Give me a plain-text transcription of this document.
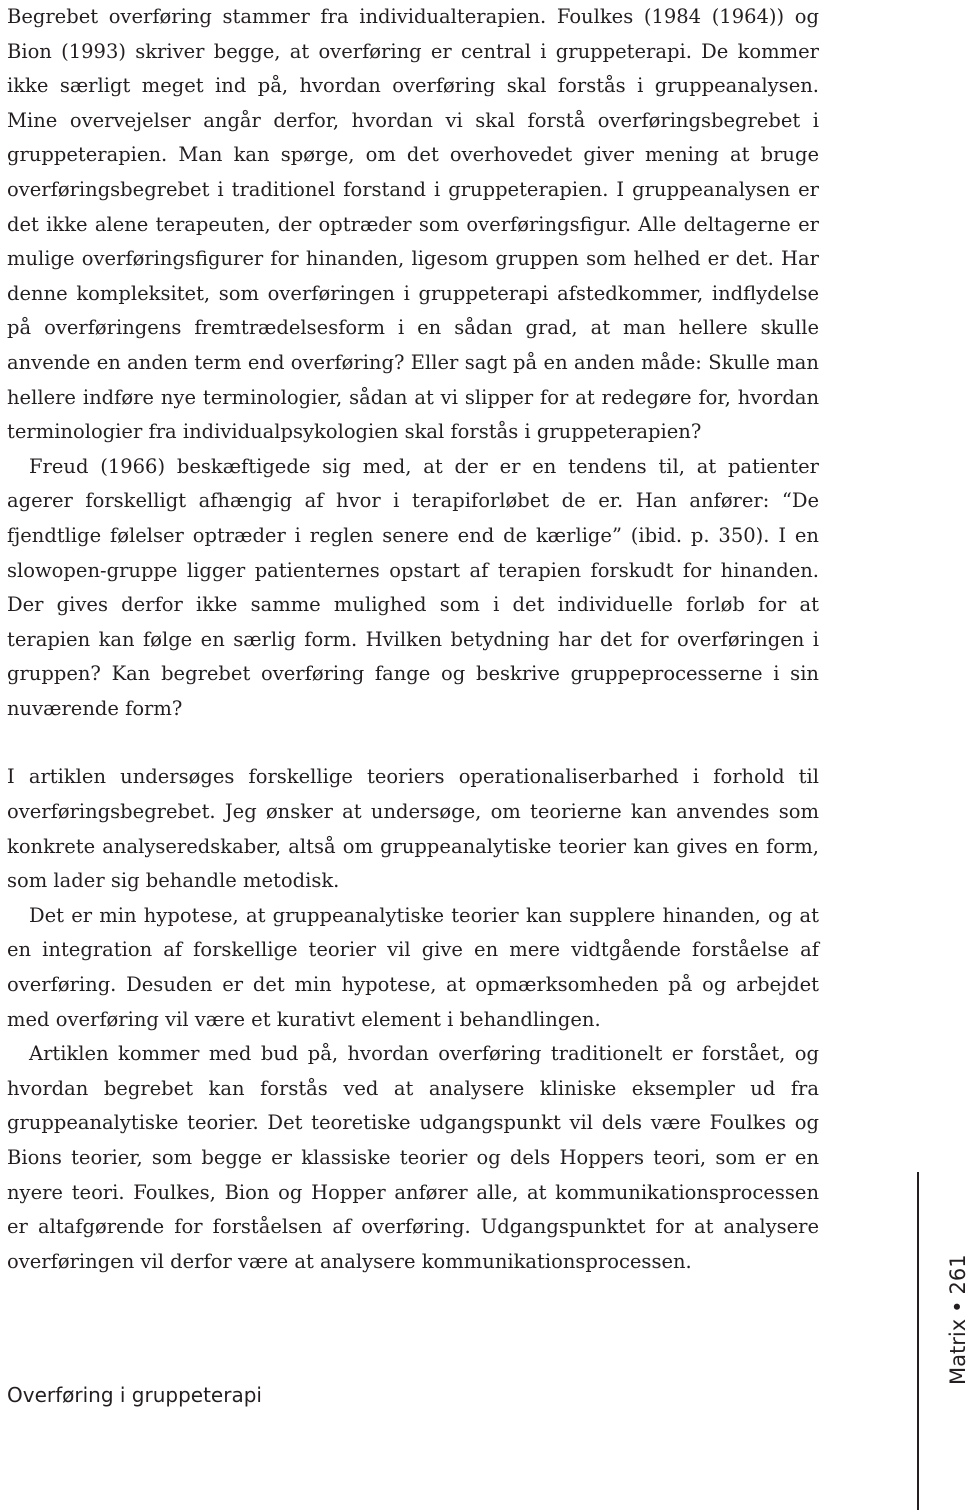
Begrebet overføring stammer fra individualterapien. Foulkes (1984 (1964)) og Bion (1993) skriver begge, at overføring er central i gruppeterapi. De kommer ikke særligt meget ind på, hvordan overføring skal forstås i gruppeanalysen. Mine overvejelser angår derfor, hvordan vi skal forstå overføringsbegrebet i gruppeterapien. Man kan spørge, om det overhovedet giver mening at bruge overføringsbegrebet i traditionel forstand i gruppeterapien. I gruppeanalysen er det ikke alene terapeuten, der optræder som overføringsfigur. Alle deltagerne er mulige overføringsfigurer for hinanden, ligesom gruppen som helhed er det. Har denne kompleksitet, som overføringen i gruppeterapi afstedkommer, indflydelse på overføringens fremtrædelsesform i en sådan grad, at man hellere skulle anvende en anden term end overføring? Eller sagt på en anden måde: Skulle man hellere indføre nye terminologier, sådan at vi slipper for at redegøre for, hvordan terminologier fra individualpsykologien skal forstås i gruppeterapien?

Freud (1966) beskæftigede sig med, at der er en tendens til, at patienter agerer forskelligt afhængig af hvor i terapiforløbet de er. Han anfører: “De fjendtlige følelser optræder i reglen senere end de kærlige” (ibid. p. 350). I en slowopen-gruppe ligger patienternes opstart af terapien forskudt for hinanden. Der gives derfor ikke samme mulighed som i det individuelle forløb for at terapien kan følge en særlig form. Hvilken betydning har det for overføringen i gruppen? Kan begrebet overføring fange og beskrive gruppeprocesserne i sin nuværende form?

I artiklen undersøges forskellige teoriers operationaliserbarhed i forhold til overføringsbegrebet. Jeg ønsker at undersøge, om teorierne kan anvendes som konkrete analyseredskaber, altså om gruppeanalytiske teorier kan gives en form, som lader sig behandle metodisk.

Det er min hypotese, at gruppeanalytiske teorier kan supplere hinanden, og at en integration af forskellige teorier vil give en mere vidtgående forståelse af overføring. Desuden er det min hypotese, at opmærksomheden på og arbejdet med overføring vil være et kurativt element i behandlingen.

Artiklen kommer med bud på, hvordan overføring traditionelt er forstået, og hvordan begrebet kan forstås ved at analysere kliniske eksempler ud fra gruppeanalytiske teorier. Det teoretiske udgangspunkt vil dels være Foulkes og Bions teorier, som begge er klassiske teorier og dels Hoppers teori, som er en nyere teori. Foulkes, Bion og Hopper anfører alle, at kommunikationsprocessen er altafgørende for forståelsen af overføring. Udgangspunktet for at analysere overføringen vil derfor være at analysere kommunikationsprocessen.

Overføring i gruppeterapi
Matrix•261
